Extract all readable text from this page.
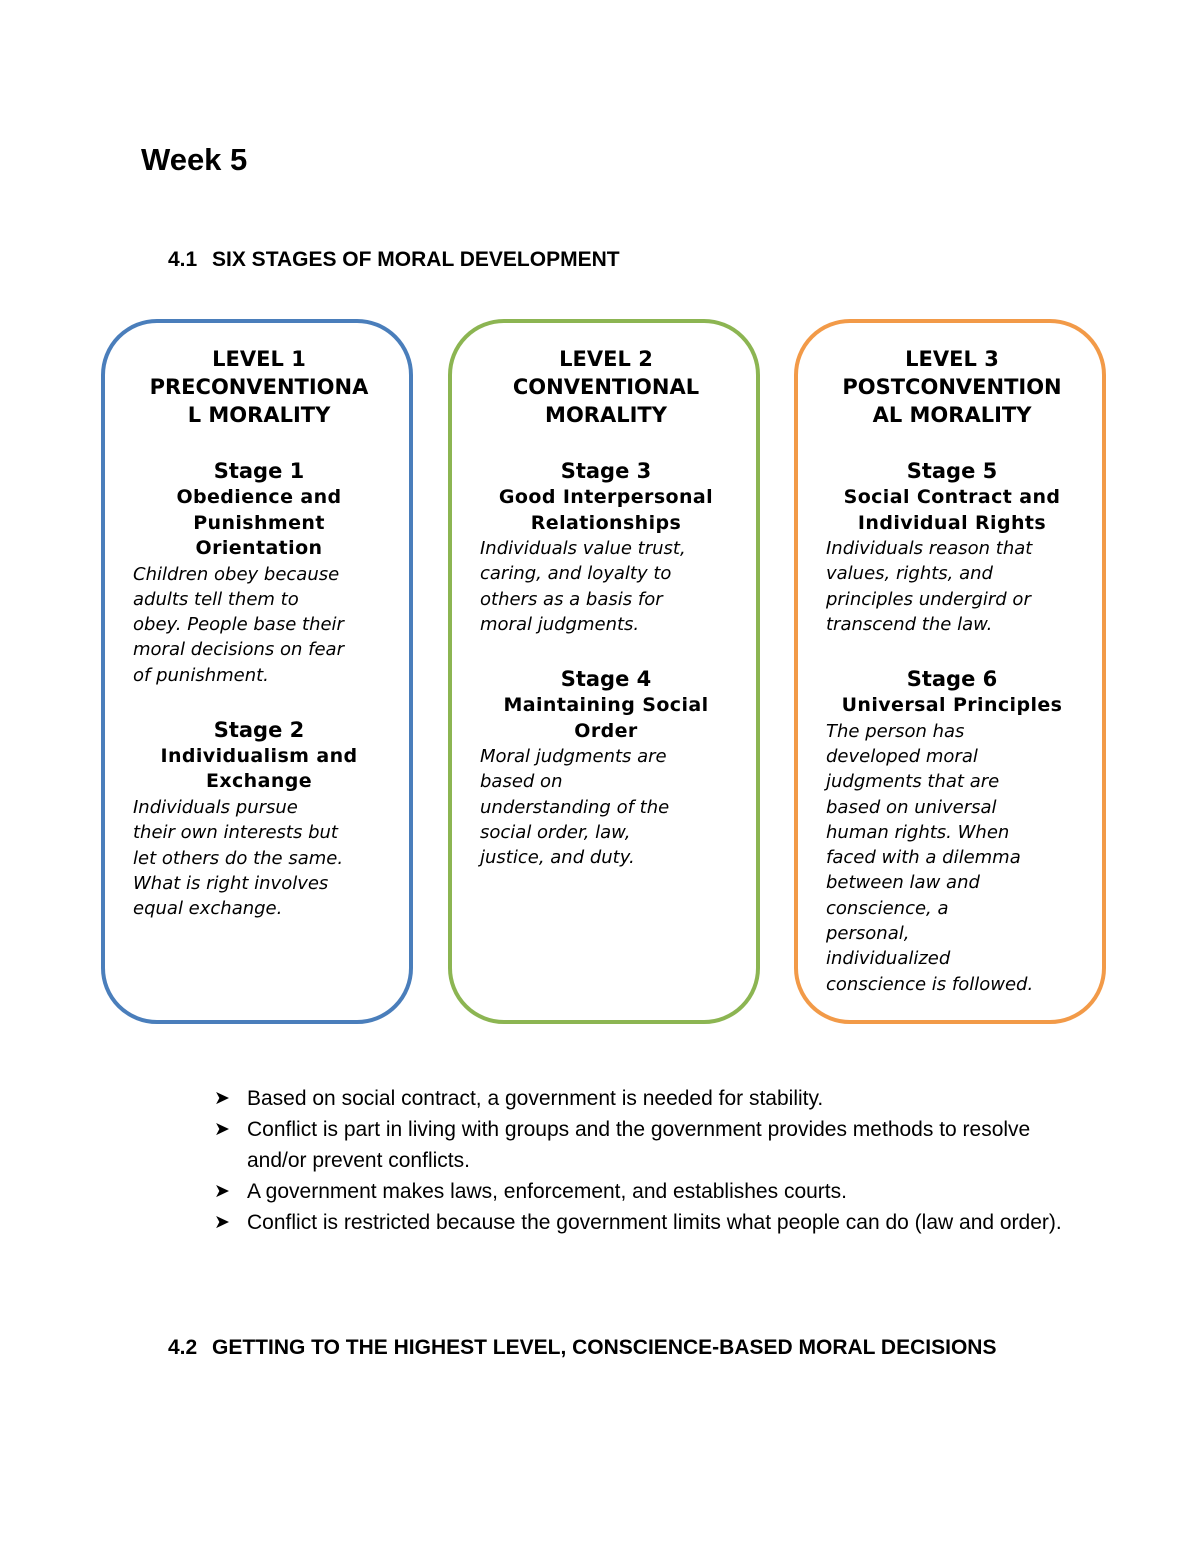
Week 5
4.1 SIX STAGES OF MORAL DEVELOPMENT
LEVEL 1
PRECONVENTIONA
L MORALITY
Stage 1
Obedience and
Punishment
Orientation
Children obey because
adults tell them to
obey. People base their
moral decisions on fear
of punishment.
Stage 2
Individualism and
Exchange
Individuals pursue
their own interests but
let others do the same.
What is right involves
equal exchange.
LEVEL 2
CONVENTIONAL
MORALITY
Stage 3
Good Interpersonal
Relationships
Individuals value trust,
caring, and loyalty to
others as a basis for
moral judgments.
Stage 4
Maintaining Social
Order
Moral judgments are
based on
understanding of the
social order, law,
justice, and duty.
LEVEL 3
POSTCONVENTION
AL MORALITY
Stage 5
Social Contract and
Individual Rights
Individuals reason that
values, rights, and
principles undergird or
transcend the law.
Stage 6
Universal Principles
The person has
developed moral
judgments that are
based on universal
human rights. When
faced with a dilemma
between law and
conscience, a
personal,
individualized
conscience is followed.
➤ Based on social contract, a government is needed for stability.
➤ Conflict is part in living with groups and the government provides methods to resolve and/or prevent conflicts.
➤ A government makes laws, enforcement, and establishes courts.
➤ Conflict is restricted because the government limits what people can do (law and order).
4.2 GETTING TO THE HIGHEST LEVEL, CONSCIENCE-BASED MORAL DECISIONS
